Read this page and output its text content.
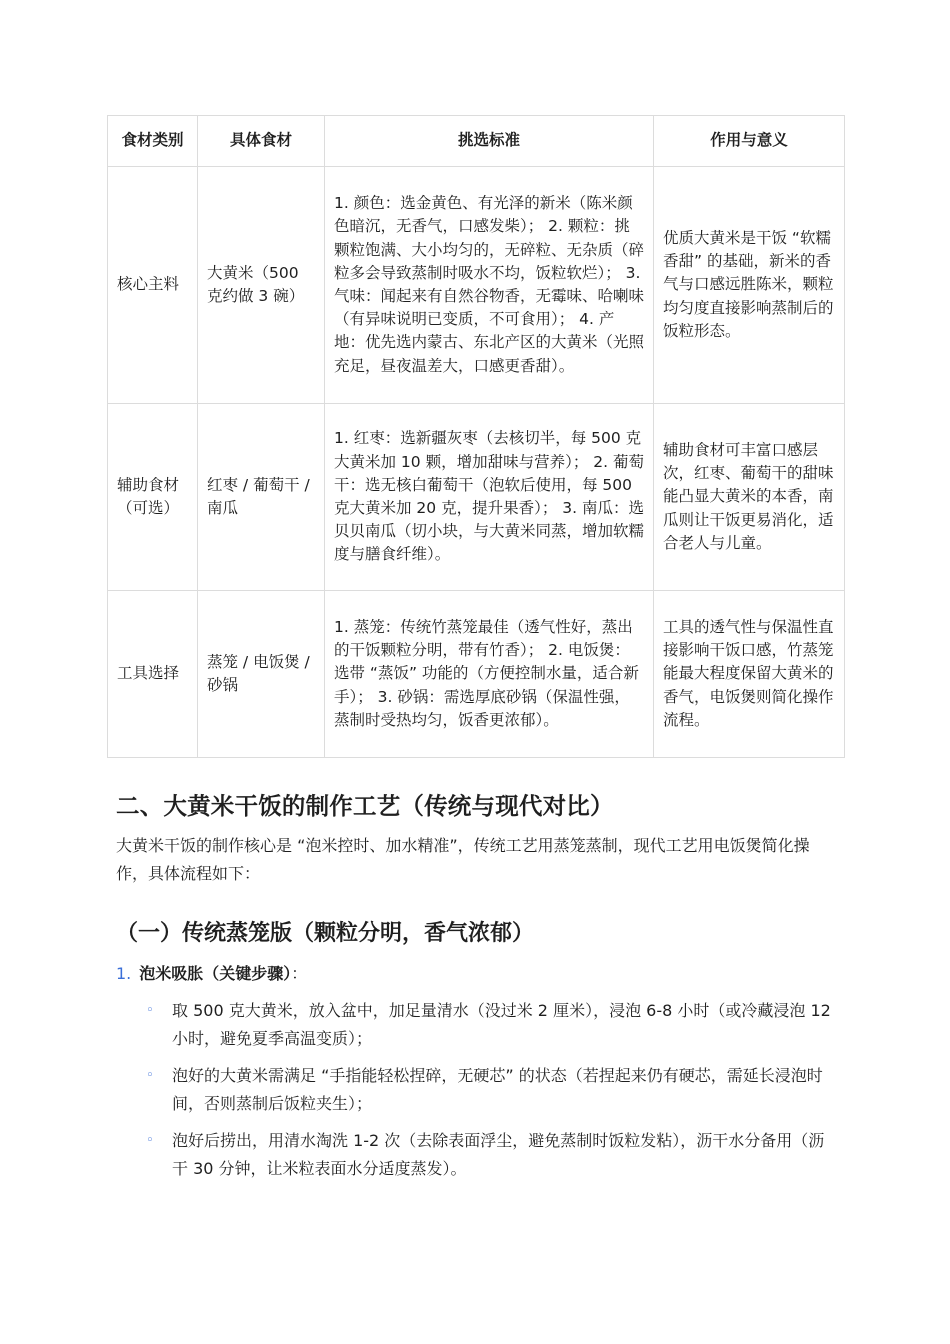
食材类别	具体食材	挑选标准	作用与意义
核心主料	大黄米（500 克约做 3 碗）	1. 颜色：选金黄色、有光泽的新米（陈米颜色暗沉，无香气，口感发柴）； 2. 颗粒：挑颗粒饱满、大小均匀的，无碎粒、无杂质（碎粒多会导致蒸制时吸水不均，饭粒软烂）； 3. 气味：闻起来有自然谷物香，无霉味、哈喇味（有异味说明已变质，不可食用）； 4. 产地：优先选内蒙古、东北产区的大黄米（光照充足，昼夜温差大，口感更香甜）。	优质大黄米是干饭 “软糯香甜” 的基础，新米的香气与口感远胜陈米，颗粒均匀度直接影响蒸制后的饭粒形态。
辅助食材（可选）	红枣 / 葡萄干 / 南瓜	1. 红枣：选新疆灰枣（去核切半，每 500 克大黄米加 10 颗，增加甜味与营养）； 2. 葡萄干：选无核白葡萄干（泡软后使用，每 500 克大黄米加 20 克，提升果香）； 3. 南瓜：选贝贝南瓜（切小块，与大黄米同蒸，增加软糯度与膳食纤维）。	辅助食材可丰富口感层次，红枣、葡萄干的甜味能凸显大黄米的本香，南瓜则让干饭更易消化，适合老人与儿童。
工具选择	蒸笼 / 电饭煲 / 砂锅	1. 蒸笼：传统竹蒸笼最佳（透气性好，蒸出的干饭颗粒分明，带有竹香）； 2. 电饭煲：选带 “蒸饭” 功能的（方便控制水量，适合新手）； 3. 砂锅：需选厚底砂锅（保温性强，蒸制时受热均匀，饭香更浓郁）。	工具的透气性与保温性直接影响干饭口感，竹蒸笼能最大程度保留大黄米的香气，电饭煲则简化操作流程。
二、大黄米干饭的制作工艺（传统与现代对比）

大黄米干饭的制作核心是 “泡米控时、加水精准”，传统工艺用蒸笼蒸制，现代工艺用电饭煲简化操作，具体流程如下：

（一）传统蒸笼版（颗粒分明，香气浓郁）
1. 泡米吸胀（关键步骤）：
◦ 取 500 克大黄米，放入盆中，加足量清水（没过米 2 厘米），浸泡 6-8 小时（或冷藏浸泡 12 小时，避免夏季高温变质）；
◦ 泡好的大黄米需满足 “手指能轻松捏碎，无硬芯” 的状态（若捏起来仍有硬芯，需延长浸泡时间，否则蒸制后饭粒夹生）；
◦ 泡好后捞出，用清水淘洗 1-2 次（去除表面浮尘，避免蒸制时饭粒发粘），沥干水分备用（沥干 30 分钟，让米粒表面水分适度蒸发）。
